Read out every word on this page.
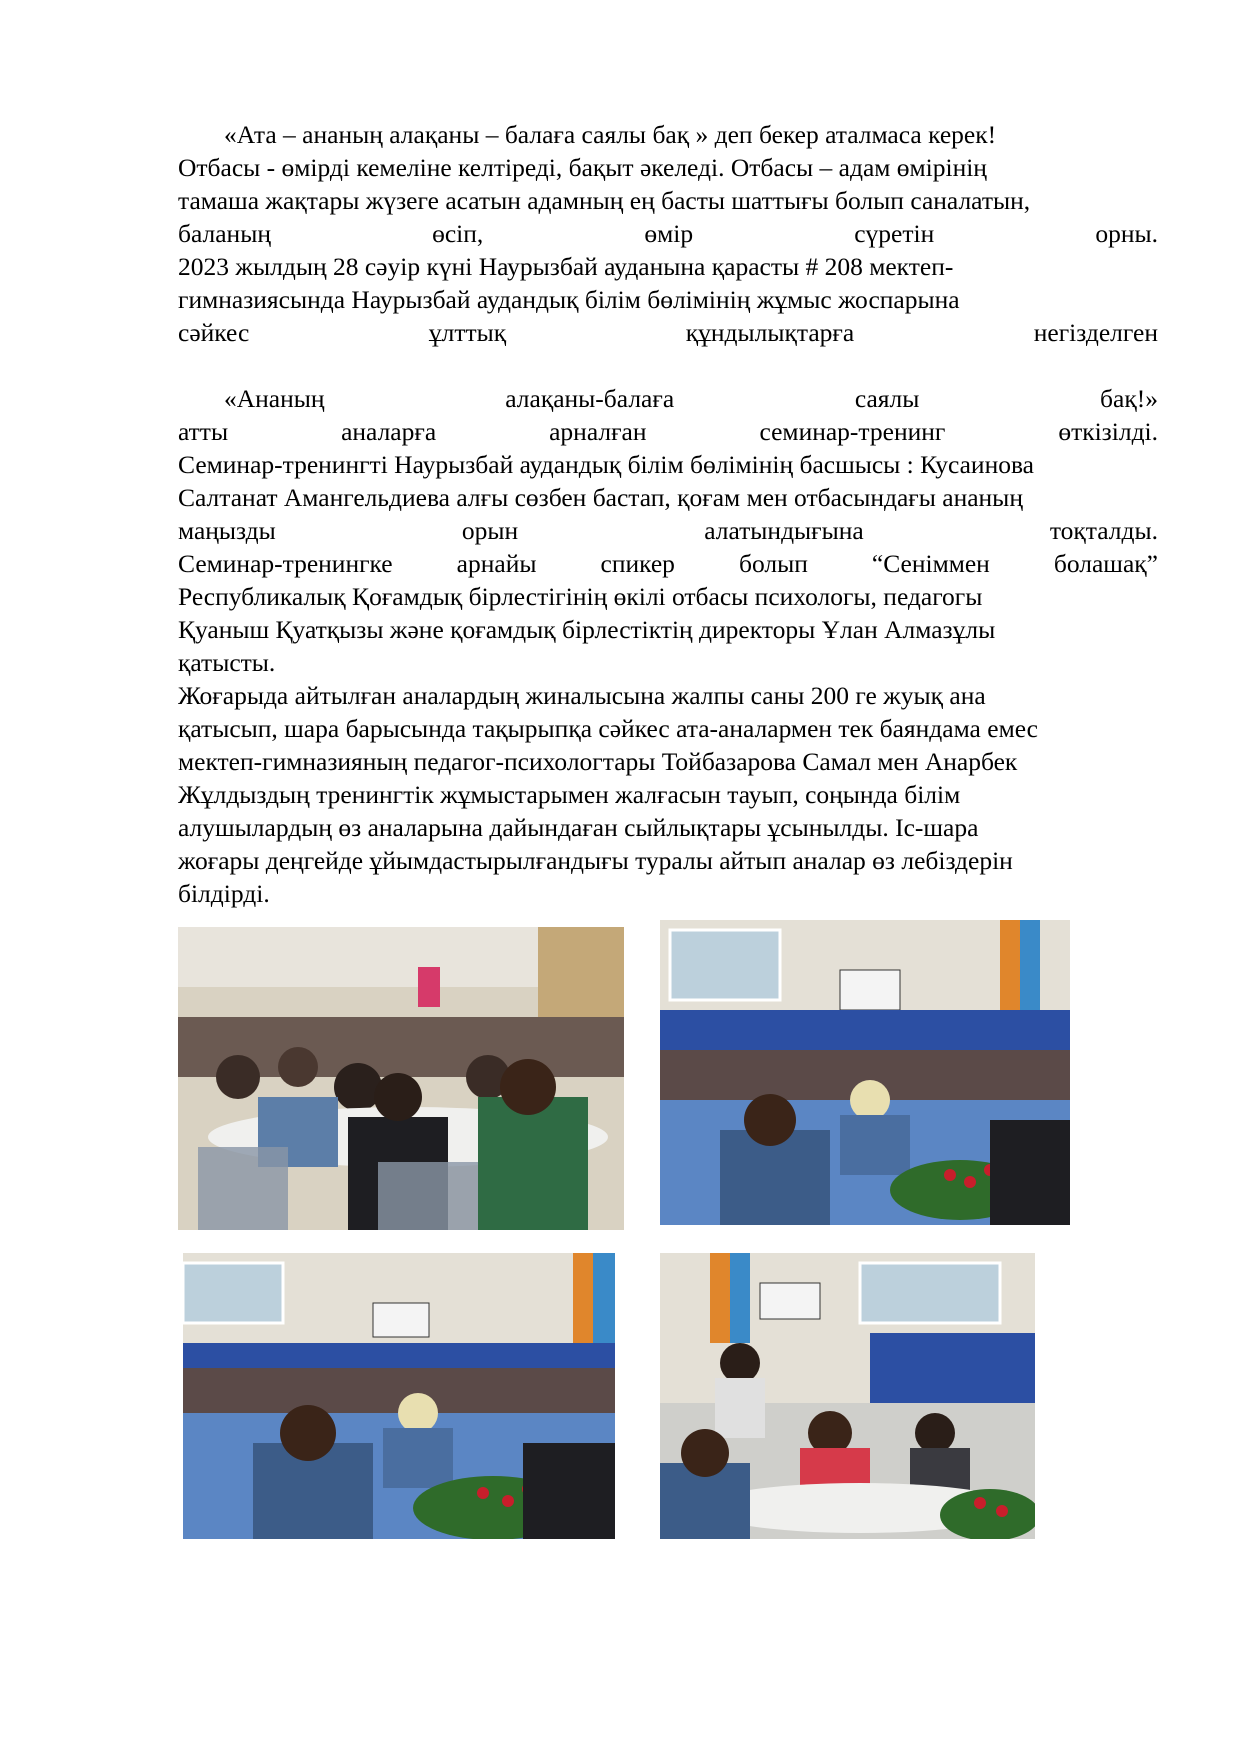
«Ата – ананың алақаны – балаға саялы бақ » деп бекер аталмаса керек!
Отбасы - өмірді кемеліне келтіреді, бақыт әкеледі. Отбасы – адам өмірінің
тамаша жақтары жүзеге асатын адамның ең басты шаттығы болып саналатын,
баланың	өсіп,	өмір	сүретін	орны.
2023 жылдың 28 сәуір күні Наурызбай ауданына қарасты # 208 мектеп-
гимназиясында Наурызбай аудандық білім бөлімінің жұмыс жоспарына
сәйкес	ұлттық	құндылықтарға	негізделген
«Ананың	алақаны-балаға	саялы	бақ!»
атты	аналарға	арналған	семинар-тренинг	өткізілді.
Семинар-тренингті Наурызбай аудандық білім бөлімінің басшысы : Кусаинова
Салтанат Амангельдиева алғы сөзбен бастап, қоғам мен отбасындағы ананың
маңызды	орын	алатындығына	тоқталды.
Семинар-тренингке	арнайы	спикер	болып	“Сеніммен	болашақ”
Республикалық Қоғамдық бірлестігінің өкілі отбасы психологы, педагогы
Қуаныш Қуатқызы және қоғамдық бірлестіктің директоры Ұлан Алмазұлы
қатысты.
Жоғарыда айтылған аналардың жиналысына жалпы саны 200 ге жуық ана
қатысып, шара барысында тақырыпқа сәйкес ата-аналармен тек баяндама емес
мектеп-гимназияның педагог-психологтары Тойбазарова Самал мен Анарбек
Жұлдыздың тренингтік жұмыстарымен жалғасын тауып, соңында білім
алушылардың өз аналарына дайындаған сыйлықтары ұсынылды. Іс-шара
жоғары деңгейде ұйымдастырылғандығы туралы айтып аналар өз лебіздерін
білдірді.
